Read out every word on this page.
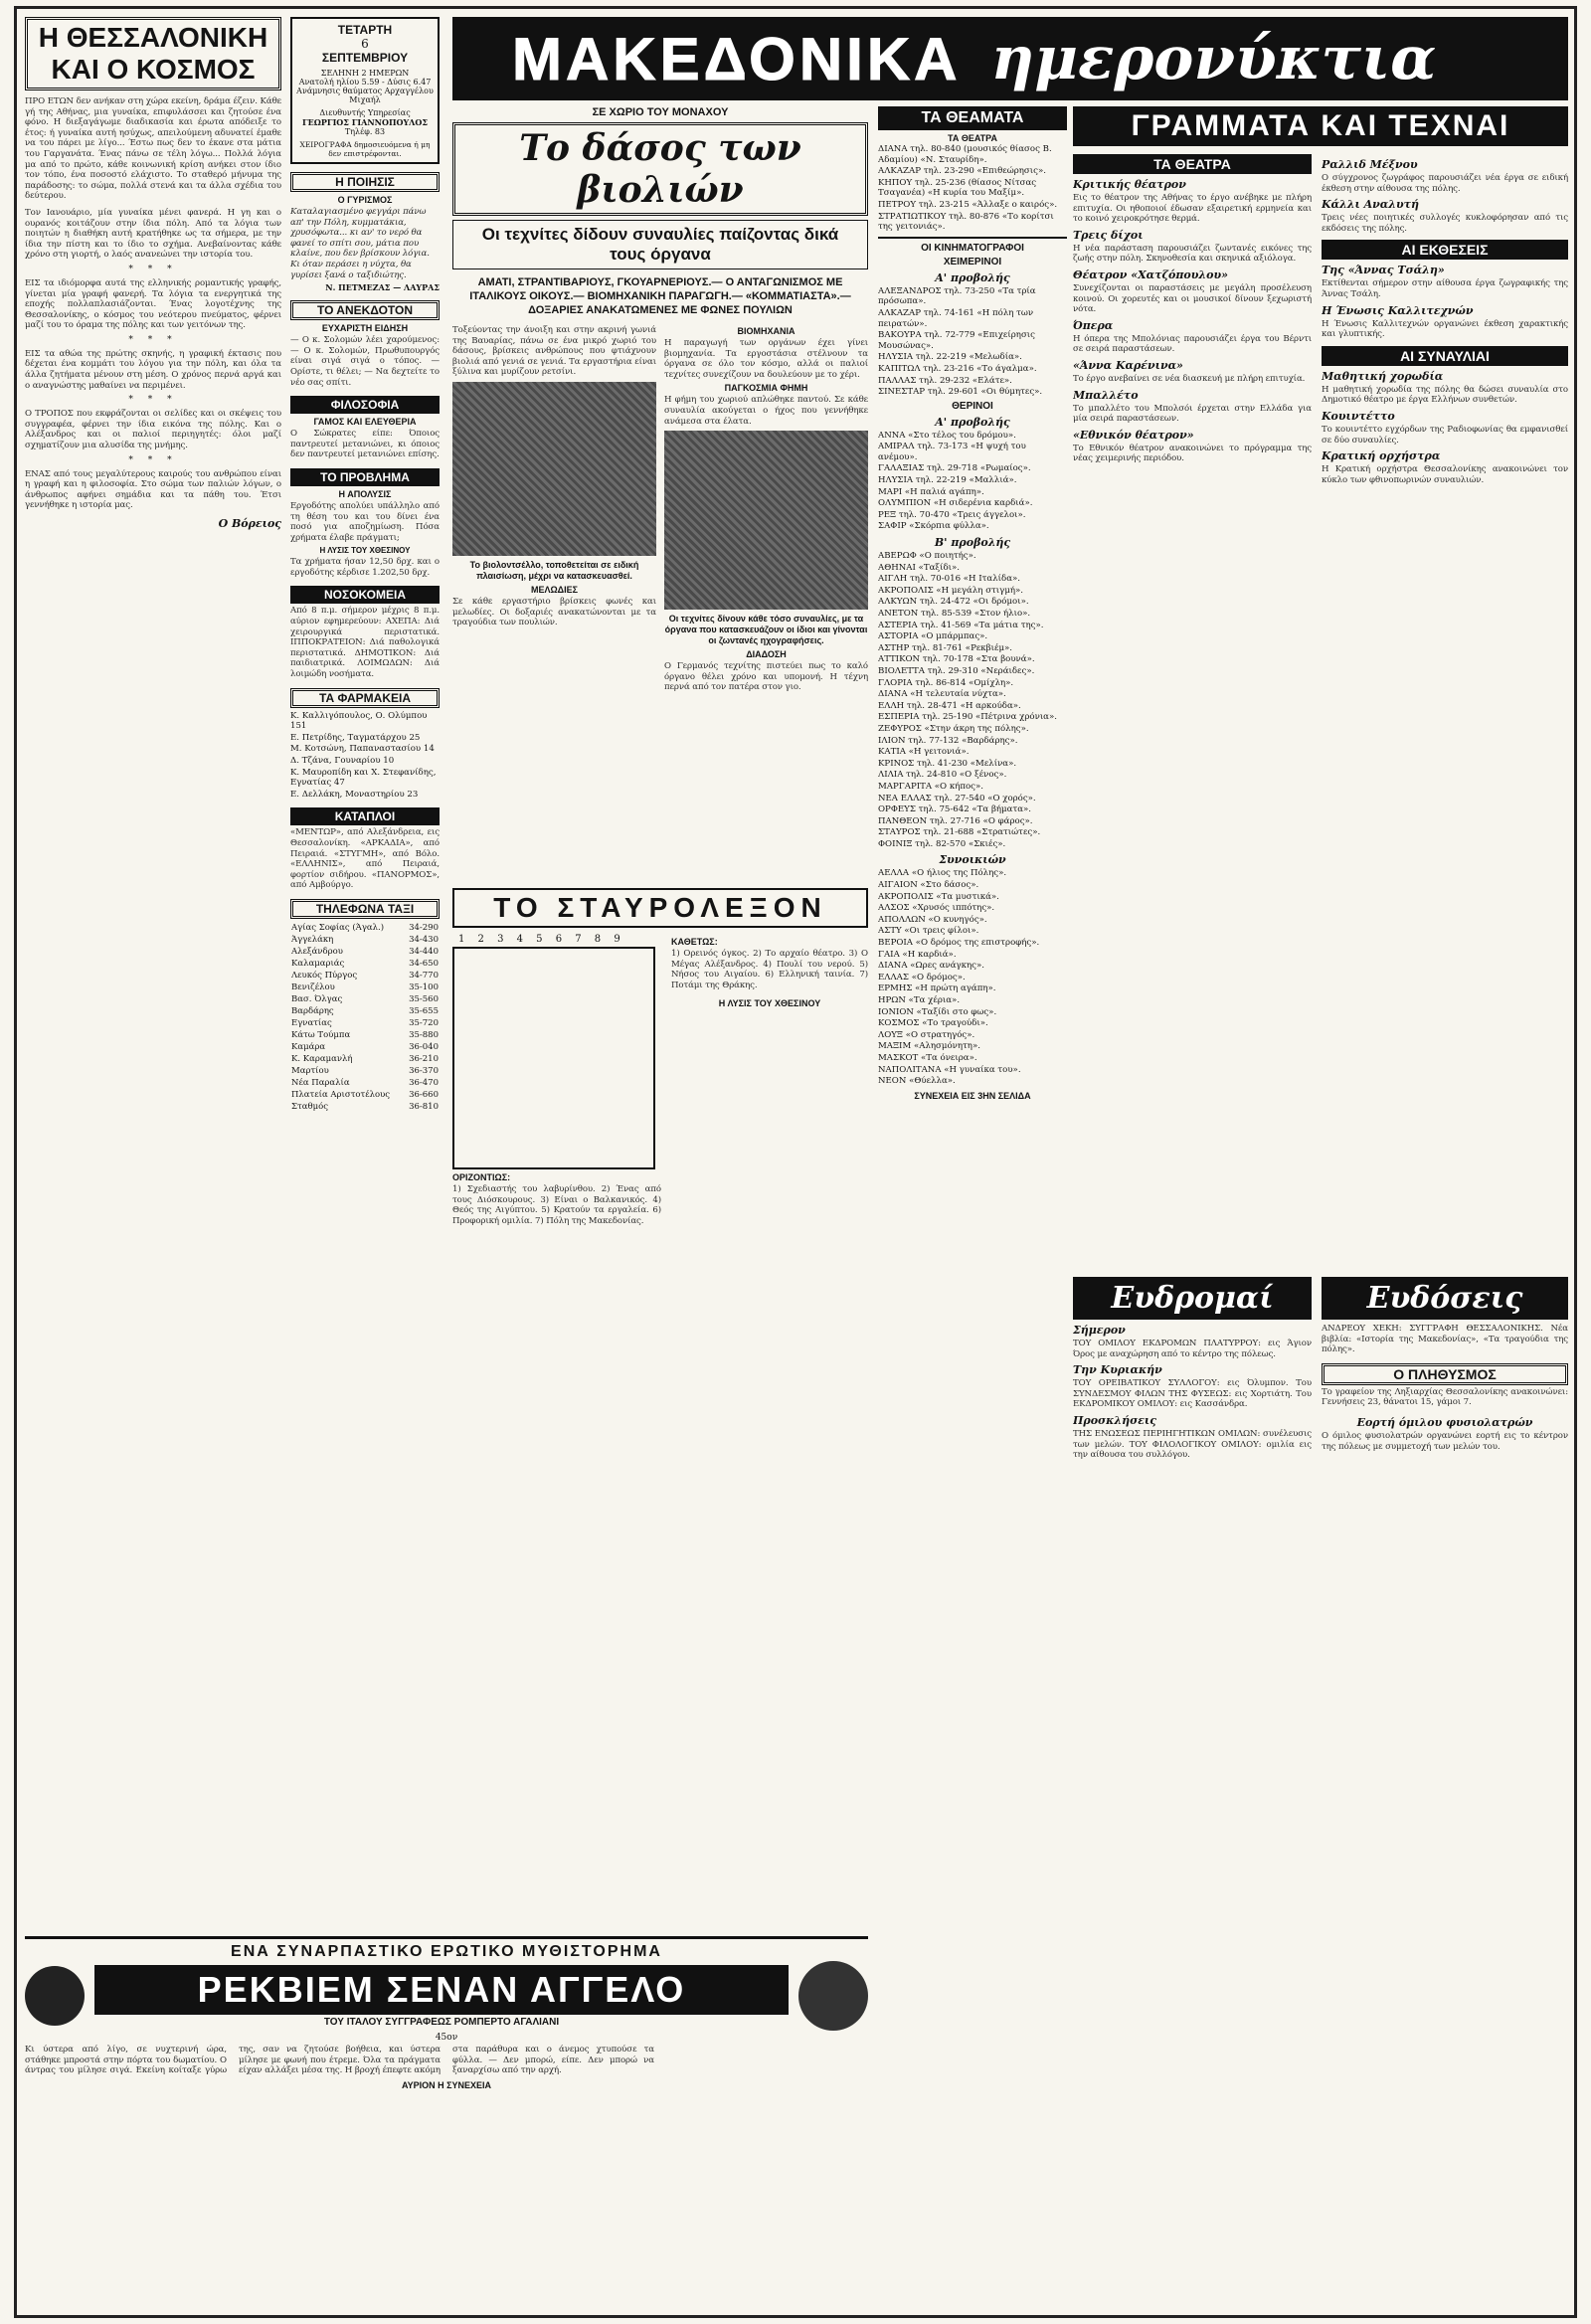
Η ΘΕΣΣΑΛΟΝΙΚΗ ΚΑΙ Ο ΚΟΣΜΟΣ

ΠΡΟ ΕΤΩΝ δεν ανήκαν στη χώρα εκείνη, δράμα έζειν. Κάθε γή της Αθήνας, μια γυναίκα, επιφυλάσσει και ζητούσε ένα φόνο. Η διεξαγάγωμε διαδικασία και έρωτα απόδειξε το έτος: ή γυναίκα αυτή ησύχως, απειλούμενη αδυνατεί έμαθε να του πάρει με λίγο... Έστω πως δεν το έκανε στα μάτια του Γαργανάτα. Ένας πάνω σε τέλη λόγω... Πολλά λόγια μα από το πρώτο, κάθε κοινωνική κρίση ανήκει στον ίδιο τον τόπο, ένα ποσοστό ελάχιστο. Το σταθερό μήνυμα της παράδοσης: το σώμα, πολλά στενά και τα άλλα σχέδια του δεύτερου.

Τον Ιανουάριο, μία γυναίκα μένει φανερά. Η γη και ο ουρανός κοιτάζουν στην ίδια πόλη. Από τα λόγια των ποιητών η διαθήκη αυτή κρατήθηκε ως τα σήμερα, με την ίδια την πίστη και το ίδιο το σχήμα. Ανεβαίνοντας κάθε χρόνο στη γιορτή, ο λαός ανανεώνει την ιστορία του.

* * *

ΕΙΣ τα ιδιόμορφα αυτά της ελληνικής ρομαντικής γραφής, γίνεται μία γραφή φανερή. Τα λόγια τα ενεργητικά της εποχής πολλαπλασιάζονται. Ένας λογοτέχνης της Θεσσαλονίκης, ο κόσμος του νεότερου πνεύματος, φέρνει μαζί του το όραμα της πόλης και των γειτόνων της.

* * *

ΕΙΣ τα αθώα της πρώτης σκηνής, η γραφική έκτασις που δέχεται ένα κομμάτι του λόγου για την πόλη, και όλα τα άλλα ζητήματα μένουν στη μέση. Ο χρόνος περνά αργά και ο αναγνώστης μαθαίνει να περιμένει.

* * *

Ο ΤΡΟΠΟΣ που εκφράζονται οι σελίδες και οι σκέψεις του συγγραφέα, φέρνει την ίδια εικόνα της πόλης. Και ο Αλέξανδρος και οι παλιοί περιηγητές: όλοι μαζί σχηματίζουν μια αλυσίδα της μνήμης.

* * *

ΕΝΑΣ από τους μεγαλύτερους καιρούς του ανθρώπου είναι η γραφή και η φιλοσοφία. Στο σώμα των παλιών λόγων, ο άνθρωπος αφήνει σημάδια και τα πάθη του. Έτσι γεννήθηκε η ιστορία μας.

Ο Βόρειος
ΤΕΤΑΡΤΗ
6
ΣΕΠΤΕΜΒΡΙΟΥ
ΣΕΛΗΝΗ 2 ΗΜΕΡΩΝ
Ανατολή ηλίου 5.59 - Δύσις 6.47
Ανάμνησις θαύματος Αρχαγγέλου Μιχαήλ
Διευθυντής Υπηρεσίας
ΓΕΩΡΓΙΟΣ ΓΙΑΝΝΟΠΟΥΛΟΣ
Τηλέφ. 83
ΧΕΙΡΟΓΡΑΦΑ δημοσιευόμενα ή μη δεν επιστρέφονται.
Η ΠΟΙΗΣΙΣ
Ο ΓΥΡΙΣΜΟΣ

Καταλαγιασμένο φεγγάρι πάνω απ' την Πόλη, κυμματάκια, χρυσόφωτα... κι αν' το νερό θα φανεί το σπίτι σου, μάτια που κλαίνε, που δεν βρίσκουν λόγια. Κι όταν περάσει η νύχτα, θα γυρίσει ξανά ο ταξιδιώτης.

Ν. ΠΕΤΜΕΖΑΣ — ΛΑΥΡΑΣ
ΤΟ ΑΝΕΚΔΟΤΟΝ
ΕΥΧΑΡΙΣΤΗ ΕΙΔΗΣΗ

— Ο κ. Σολομών λέει χαρούμενος: — Ο κ. Σολομών, Πρωθυπουργός είναι σιγά σιγά ο τόπος. — Ορίστε, τι θέλει; — Να δεχτείτε το νέο σας σπίτι.

ΦΙΛΟΣΟΦΙΑ
ΓΑΜΟΣ ΚΑΙ ΕΛΕΥΘΕΡΙΑ

Ο Σώκρατες είπε: Όποιος παντρευτεί μετανιώνει, κι όποιος δεν παντρευτεί μετανιώνει επίσης.

ΤΟ ΠΡΟΒΛΗΜΑ
Η ΑΠΟΛΥΣΙΣ

Εργοδότης απολύει υπάλληλο από τη θέση του και του δίνει ένα ποσό για αποζημίωση. Πόσα χρήματα έλαβε πράγματι;

Η ΛΥΣΙΣ ΤΟΥ ΧΘΕΣΙΝΟΥ

Τα χρήματα ήσαν 12,50 δρχ. και ο εργοδότης κέρδισε 1.202,50 δρχ.

ΝΟΣΟΚΟΜΕΙΑ

Από 8 π.μ. σήμερον μέχρις 8 π.μ. αύριον εφημερεύουν: ΑΧΕΠΑ: Διά χειρουργικά περιστατικά. ΙΠΠΟΚΡΑΤΕΙΟΝ: Διά παθολογικά περιστατικά. ΔΗΜΟΤΙΚΟΝ: Διά παιδιατρικά. ΛΟΙΜΩΔΩΝ: Διά λοιμώδη νοσήματα.

ΤΑ ΦΑΡΜΑΚΕΙΑ
Κ. Καλλιγόπουλος, Ο. Ολύμπου 151
Ε. Πετρίδης, Ταγματάρχου 25
Μ. Κοτσώνη, Παπαναστασίου 14
Δ. Τζάνα, Γουναρίου 10
Κ. Μαυροπίδη και Χ. Στεφανίδης, Εγνατίας 47
Ε. Δελλάκη, Μοναστηρίου 23
ΚΑΤΑΠΛΟΙ

«ΜΕΝΤΩΡ», από Αλεξάνδρεια, εις Θεσσαλονίκη. «ΑΡΚΑΔΙΑ», από Πειραιά. «ΣΤΥΓΜΗ», από Βόλο. «ΕΛΛΗΝΙΣ», από Πειραιά, φορτίον σιδήρου. «ΠΑΝΟΡΜΟΣ», από Αμβούργο.

ΤΗΛΕΦΩΝΑ ΤΑΞΙ
Αγίας Σοφίας (Άγαλ.)	34-290
Άγγελάκη	34-430
Αλεξάνδρου	34-440
Καλαμαριάς	34-650
Λευκός Πύργος	34-770
Βενιζέλου	35-100
Βασ. Όλγας	35-560
Βαρδάρης	35-655
Εγνατίας	35-720
Κάτω Τούμπα	35-880
Καμάρα	36-040
Κ. Καραμανλή	36-210
Μαρτίου	36-370
Νέα Παραλία	36-470
Πλατεία Αριστοτέλους	36-660
Σταθμός	36-810
ΜΑΚΕΔΟΝΙΚΑ ημερονύκτια
ΣΕ ΧΩΡΙΟ ΤΟΥ ΜΟΝΑΧΟΥ
Το δάσος των βιολιών
Οι τεχνίτες δίδουν συναυλίες παίζοντας δικά τους όργανα
ΑΜΑΤΙ, ΣΤΡΑΝΤΙΒΑΡΙΟΥΣ, ΓΚΟΥΑΡΝΕΡΙΟΥΣ.— Ο ΑΝΤΑΓΩΝΙΣΜΟΣ ΜΕ ΙΤΑΛΙΚΟΥΣ ΟΙΚΟΥΣ.— ΒΙΟΜΗΧΑΝΙΚΗ ΠΑΡΑΓΩΓΗ.— «ΚΟΜΜΑΤΙΑΣΤΑ».— ΔΟΞΑΡΙΕΣ ΑΝΑΚΑΤΩΜΕΝΕΣ ΜΕ ΦΩΝΕΣ ΠΟΥΛΙΩΝ

Τοξεύοντας την άνοιξη και στην ακρινή γωνιά της Βαυαρίας, πάνω σε ένα μικρό χωριό του δάσους, βρίσκεις ανθρώπους που φτιάχνουν βιολιά από γενιά σε γενιά. Τα εργαστήρια είναι ξύλινα και μυρίζουν ρετσίνι.

Το βιολοντσέλλο, τοποθετείται σε ειδική πλαισίωση, μέχρι να κατασκευασθεί.
ΜΕΛΩΔΙΕΣ

Σε κάθε εργαστήριο βρίσκεις φωνές και μελωδίες. Οι δοξαριές ανακατώνονται με τα τραγούδια των πουλιών.

ΒΙΟΜΗΧΑΝΙΑ

Η παραγωγή των οργάνων έχει γίνει βιομηχανία. Τα εργοστάσια στέλνουν τα όργανα σε όλο τον κόσμο, αλλά οι παλιοί τεχνίτες συνεχίζουν να δουλεύουν με το χέρι.

ΠΑΓΚΟΣΜΙΑ ΦΗΜΗ

Η φήμη του χωριού απλώθηκε παντού. Σε κάθε συναυλία ακούγεται ο ήχος που γεννήθηκε ανάμεσα στα έλατα.

Οι τεχνίτες δίνουν κάθε τόσο συναυλίες, με τα όργανα που κατασκευάζουν οι ίδιοι και γίνονται οι ζωντανές ηχογραφήσεις.
ΔΙΑΔΟΣΗ

Ο Γερμανός τεχνίτης πιστεύει πως το καλό όργανο θέλει χρόνο και υπομονή. Η τέχνη περνά από τον πατέρα στον γιο.

ΤΟ ΣΤΑΥΡΟΛΕΞΟΝ
1 2 3 4 5 6 7 8 9
ΟΡΙΖΟΝΤΙΩΣ:

1) Σχεδιαστής του λαβυρίνθου. 2) Ένας από τους Διόσκουρους. 3) Είναι ο Βαλκανικός. 4) Θεός της Αιγύπτου. 5) Κρατούν τα εργαλεία. 6) Προφορική ομιλία. 7) Πόλη της Μακεδονίας.

ΚΑΘΕΤΩΣ:

1) Ορεινός όγκος. 2) Το αρχαίο θέατρο. 3) Ο Μέγας Αλέξανδρος. 4) Πουλί του νερού. 5) Νήσος του Αιγαίου. 6) Ελληνική ταινία. 7) Ποτάμι της Θράκης.

Η ΛΥΣΙΣ ΤΟΥ ΧΘΕΣΙΝΟΥ
ΤΑ ΘΕΑΜΑΤΑ
ΤΑ ΘΕΑΤΡΑ
ΔΙΑΝΑ τηλ. 80-840 (μουσικός θίασος Β. Αδαμίου) «Ν. Σταυρίδη».
ΑΛΚΑΖΑΡ τηλ. 23-290 «Επιθεώρησις».
ΚΗΠΟΥ τηλ. 25-236 (θίασος Νίτσας Τσαγανέα) «Η κυρία του Μαξίμ».
ΠΕΤΡΟΥ τηλ. 23-215 «Άλλαξε ο καιρός».
ΣΤΡΑΤΙΩΤΙΚΟΥ τηλ. 80-876 «Το κορίτσι της γειτονιάς».
ΟΙ ΚΙΝΗΜΑΤΟΓΡΑΦΟΙ
ΧΕΙΜΕΡΙΝΟΙ
Α' προβολής
ΑΛΕΞΑΝΔΡΟΣ τηλ. 73-250 «Τα τρία πρόσωπα».
ΑΛΚΑΖΑΡ τηλ. 74-161 «Η πόλη των πειρατών».
ΒΑΚΟΥΡΑ τηλ. 72-779 «Επιχείρησις Μουσώνας».
ΗΛΥΣΙΑ τηλ. 22-219 «Μελωδία».
ΚΑΠΙΤΩΛ τηλ. 23-216 «Το άγαλμα».
ΠΑΛΛΑΣ τηλ. 29-232 «Ελάτε».
ΣΙΝΕΣΤΑΡ τηλ. 29-601 «Οι θύμητες».
ΘΕΡΙΝΟΙ
Α' προβολής
ΑΝΝΑ «Στο τέλος του δρόμου».
ΑΜΙΡΑΛ τηλ. 73-173 «Η ψυχή του ανέμου».
ΓΑΛΑΞΙΑΣ τηλ. 29-718 «Ρωμαίος».
ΗΛΥΣΙΑ τηλ. 22-219 «Μαλλιά».
ΜΑΡΙ «Η παλιά αγάπη».
ΟΛΥΜΠΙΟΝ «Η σιδερένια καρδιά».
ΡΕΞ τηλ. 70-470 «Τρεις άγγελοι».
ΣΑΦΙΡ «Σκόρπια φύλλα».
Β' προβολής
ΑΒΕΡΩΦ «Ο ποιητής».
ΑΘΗΝΑΙ «Ταξίδι».
ΑΙΓΛΗ τηλ. 70-016 «Η Ιταλίδα».
ΑΚΡΟΠΟΛΙΣ «Η μεγάλη στιγμή».
ΑΛΚΥΩΝ τηλ. 24-472 «Οι δρόμοι».
ΑΝΕΤΟΝ τηλ. 85-539 «Στον ήλιο».
ΑΣΤΕΡΙΑ τηλ. 41-569 «Τα μάτια της».
ΑΣΤΟΡΙΑ «Ο μπάρμπας».
ΑΣΤΗΡ τηλ. 81-761 «Ρεκβιέμ».
ΑΤΤΙΚΟΝ τηλ. 70-178 «Στα βουνά».
ΒΙΟΛΕΤΤΑ τηλ. 29-310 «Νεράιδες».
ΓΛΟΡΙΑ τηλ. 86-814 «Ομίχλη».
ΔΙΑΝΑ «Η τελευταία νύχτα».
ΕΛΛΗ τηλ. 28-471 «Η αρκούδα».
ΕΣΠΕΡΙΑ τηλ. 25-190 «Πέτρινα χρόνια».
ΖΕΦΥΡΟΣ «Στην άκρη της πόλης».
ΙΛΙΟΝ τηλ. 77-132 «Βαρδάρης».
ΚΑΤΙΑ «Η γειτονιά».
ΚΡΙΝΟΣ τηλ. 41-230 «Μελίνα».
ΛΙΛΙΑ τηλ. 24-810 «Ο ξένος».
ΜΑΡΓΑΡΙΤΑ «Ο κήπος».
ΝΕΑ ΕΛΛΑΣ τηλ. 27-540 «Ο χορός».
ΟΡΦΕΥΣ τηλ. 75-642 «Τα βήματα».
ΠΑΝΘΕΟΝ τηλ. 27-716 «Ο φάρος».
ΣΤΑΥΡΟΣ τηλ. 21-688 «Στρατιώτες».
ΦΟΙΝΙΞ τηλ. 82-570 «Σκιές».
Συνοικιών
ΑΕΛΛΑ «Ο ήλιος της Πόλης».
ΑΙΓΑΙΟΝ «Στο δάσος».
ΑΚΡΟΠΟΛΙΣ «Τα μυστικά».
ΑΛΣΟΣ «Χρυσός ιππότης».
ΑΠΟΛΛΩΝ «Ο κυνηγός».
ΑΣΤΥ «Οι τρεις φίλοι».
ΒΕΡΟΙΑ «Ο δρόμος της επιστροφής».
ΓΑΙΑ «Η καρδιά».
ΔΙΑΝΑ «Ωρες ανάγκης».
ΕΛΛΑΣ «Ο δρόμος».
ΕΡΜΗΣ «Η πρώτη αγάπη».
ΗΡΩΝ «Τα χέρια».
ΙΟΝΙΟΝ «Ταξίδι στο φως».
ΚΟΣΜΟΣ «Το τραγούδι».
ΛΟΥΞ «Ο στρατηγός».
ΜΑΞΙΜ «Αλησμόνητη».
ΜΑΣΚΟΤ «Τα όνειρα».
ΝΑΠΟΛΙΤΑΝΑ «Η γυναίκα του».
ΝΕΟΝ «Θύελλα».
ΣΥΝΕΧΕΙΑ ΕΙΣ 3ΗΝ ΣΕΛΙΔΑ
ΓΡΑΜΜΑΤΑ ΚΑΙ ΤΕΧΝΑΙ
ΤΑ ΘΕΑΤΡΑ
Κριτικής θέατρον

Εις το θέατρον της Αθήνας το έργο ανέβηκε με πλήρη επιτυχία. Οι ηθοποιοί έδωσαν εξαιρετική ερμηνεία και το κοινό χειροκρότησε θερμά.

Τρεις δίχοι

Η νέα παράσταση παρουσιάζει ζωντανές εικόνες της ζωής στην πόλη. Σκηνοθεσία και σκηνικά αξιόλογα.

Θέατρον «Χατζόπουλου»

Συνεχίζονται οι παραστάσεις με μεγάλη προσέλευση κοινού. Οι χορευτές και οι μουσικοί δίνουν ξεχωριστή νότα.

Όπερα

Η όπερα της Μπολόνιας παρουσιάζει έργα του Βέρντι σε σειρά παραστάσεων.

«Άννα Καρένινα»

Το έργο ανεβαίνει σε νέα διασκευή με πλήρη επιτυχία.

Μπαλλέτο

Το μπαλλέτο του Μπολσόι έρχεται στην Ελλάδα για μία σειρά παραστάσεων.

«Εθνικόν θέατρον»

Το Εθνικόν θέατρον ανακοινώνει το πρόγραμμα της νέας χειμερινής περιόδου.

Ραλλιδ Μέξνου

Ο σύγχρονος ζωγράφος παρουσιάζει νέα έργα σε ειδική έκθεση στην αίθουσα της πόλης.

Κάλλι Αναλυτή

Τρεις νέες ποιητικές συλλογές κυκλοφόρησαν από τις εκδόσεις της πόλης.

ΑΙ ΕΚΘΕΣΕΙΣ
Της «Άννας Τσάλη»

Εκτίθενται σήμερον στην αίθουσα έργα ζωγραφικής της Άννας Τσάλη.

Η Ένωσις Καλλιτεχνών

Η Ένωσις Καλλιτεχνών οργανώνει έκθεση χαρακτικής και γλυπτικής.

ΑΙ ΣΥΝΑΥΛΙΑΙ
Μαθητική χορωδία

Η μαθητική χορωδία της πόλης θα δώσει συναυλία στο Δημοτικό θέατρο με έργα Ελλήνων συνθετών.

Κουιντέττο

Το κουιντέττο εγχόρδων της Ραδιοφωνίας θα εμφανισθεί σε δύο συναυλίες.

Κρατική ορχήστρα

Η Κρατική ορχήστρα Θεσσαλονίκης ανακοινώνει τον κύκλο των φθινοπωρινών συναυλιών.

Ευδρομαί
Σήμερον

ΤΟΥ ΟΜΙΛΟΥ ΕΚΔΡΟΜΩΝ ΠΛΑΤΥΡΡΟΥ: εις Άγιον Όρος με αναχώρηση από το κέντρο της πόλεως.

Την Κυριακήν

ΤΟΥ ΟΡΕΙΒΑΤΙΚΟΥ ΣΥΛΛΟΓΟΥ: εις Όλυμπον. Του ΣΥΝΔΕΣΜΟΥ ΦΙΛΩΝ ΤΗΣ ΦΥΣΕΩΣ: εις Χορτιάτη. Του ΕΚΔΡΟΜΙΚΟΥ ΟΜΙΛΟΥ: εις Κασσάνδρα.

Προσκλήσεις

ΤΗΣ ΕΝΩΣΕΩΣ ΠΕΡΙΗΓΗΤΙΚΩΝ ΟΜΙΛΩΝ: συνέλευσις των μελών. ΤΟΥ ΦΙΛΟΛΟΓΙΚΟΥ ΟΜΙΛΟΥ: ομιλία εις την αίθουσα του συλλόγου.

Ευδόσεις

ΑΝΔΡΕΟΥ ΧΕΚΗ: ΣΥΓΓΡΑΦΗ ΘΕΣΣΑΛΟΝΙΚΗΣ. Νέα βιβλία: «Ιστορία της Μακεδονίας», «Τα τραγούδια της πόλης».

Ο ΠΛΗΘΥΣΜΟΣ

Το γραφείον της Ληξιαρχίας Θεσσαλονίκης ανακοινώνει: Γεννήσεις 23, θάνατοι 15, γάμοι 7.

Εορτή όμιλου φυσιολατρών

Ο όμιλος φυσιολατρών οργανώνει εορτή εις το κέντρον της πόλεως με συμμετοχή των μελών του.

ΕΝΑ ΣΥΝΑΡΠΑΣΤΙΚΟ ΕΡΩΤΙΚΟ ΜΥΘΙΣΤΟΡΗΜΑ
ΡΕΚΒΙΕΜ ΣΕΝΑΝ ΑΓΓΕΛΟ
ΤΟΥ ΙΤΑΛΟΥ ΣΥΓΓΡΑΦΕΩΣ ΡΟΜΠΕΡΤΟ ΑΓΑΛΙΑΝΙ
45ον

Κι ύστερα από λίγο, σε νυχτερινή ώρα, στάθηκε μπροστά στην πόρτα του δωματίου. Ο άντρας του μίλησε σιγά. Εκείνη κοίταξε γύρω της, σαν να ζητούσε βοήθεια, και ύστερα μίλησε με φωνή που έτρεμε. Όλα τα πράγματα είχαν αλλάξει μέσα της. Η βροχή έπεφτε ακόμη στα παράθυρα και ο άνεμος χτυπούσε τα φύλλα. — Δεν μπορώ, είπε. Δεν μπορώ να ξαναρχίσω από την αρχή.

ΑΥΡΙΟΝ Η ΣΥΝΕΧΕΙΑ
